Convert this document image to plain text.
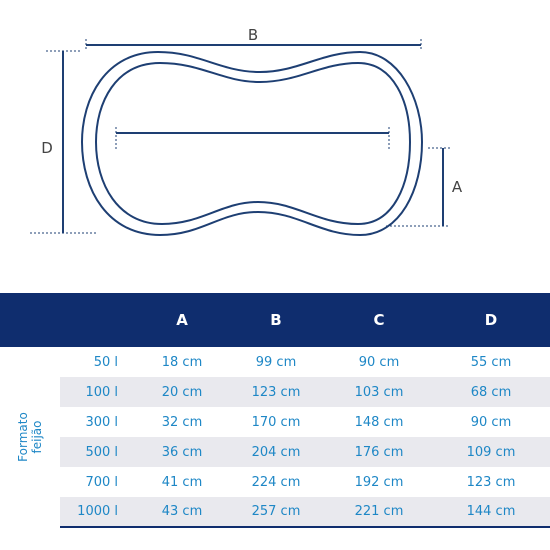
B
D
A
		A	B	C	D

Formato feijão	50 l	18 cm	99 cm	90 cm	55 cm
	100 l	20 cm	123 cm	103 cm	68 cm
	300 l	32 cm	170 cm	148 cm	90 cm
	500 l	36 cm	204 cm	176 cm	109 cm
	700 l	41 cm	224 cm	192 cm	123 cm
	1000 l	43 cm	257 cm	221 cm	144 cm
